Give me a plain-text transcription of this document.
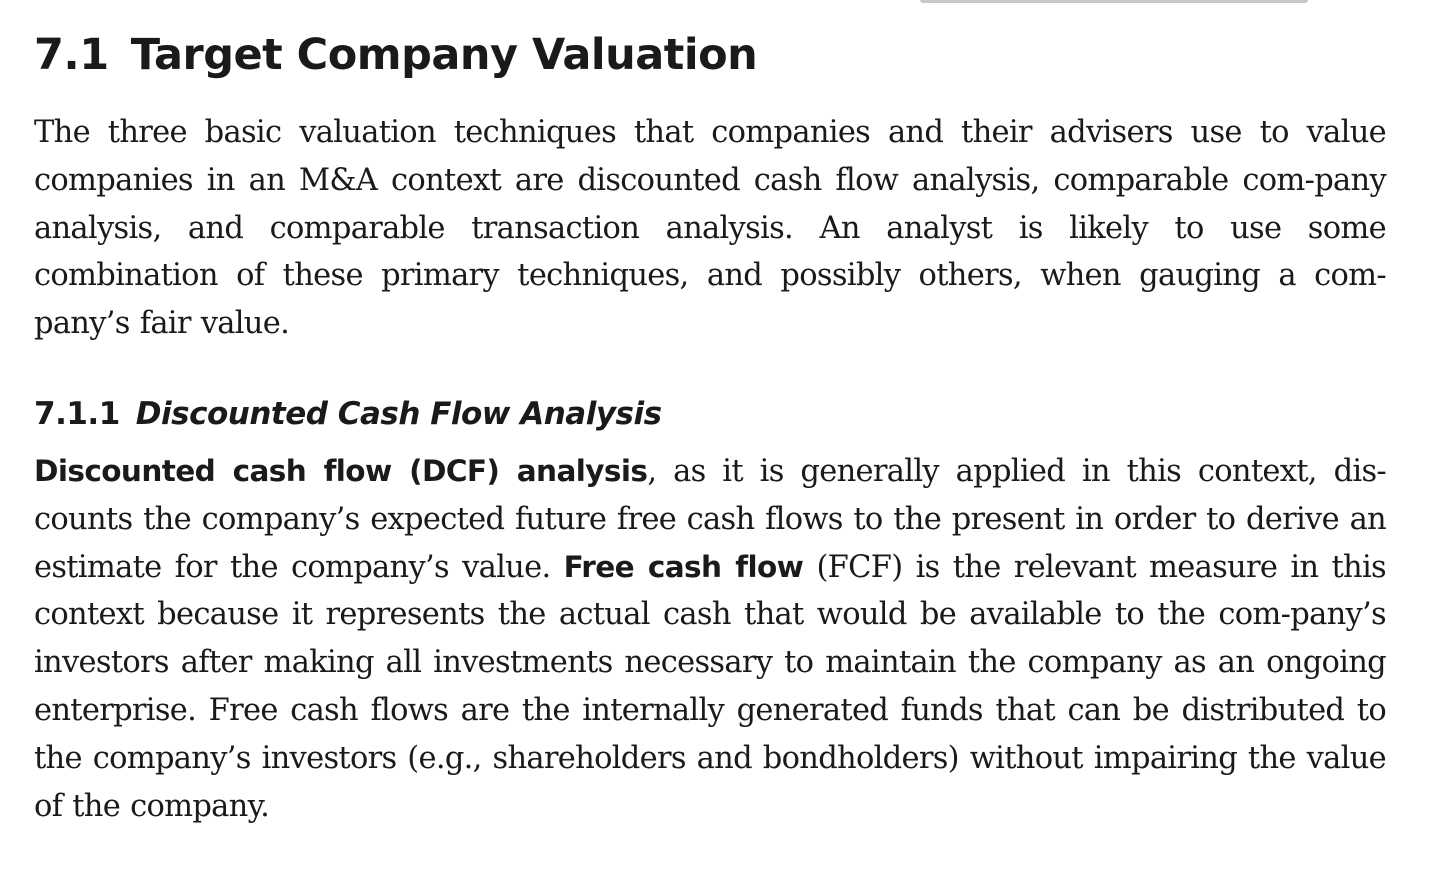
7.1 Target Company Valuation

The three basic valuation techniques that companies and their advisers use to value companies in an M&A context are discounted cash flow analysis, comparable com-pany analysis, and comparable transaction analysis. An analyst is likely to use some combination of these primary techniques, and possibly others, when gauging a com-pany’s fair value.

7.1.1 Discounted Cash Flow Analysis

Discounted cash flow (DCF) analysis, as it is generally applied in this context, dis-counts the company’s expected future free cash flows to the present in order to derive an estimate for the company’s value. Free cash flow (FCF) is the relevant measure in this context because it represents the actual cash that would be available to the com-pany’s investors after making all investments necessary to maintain the company as an ongoing enterprise. Free cash flows are the internally generated funds that can be distributed to the company’s investors (e.g., shareholders and bondholders) without impairing the value of the company.
